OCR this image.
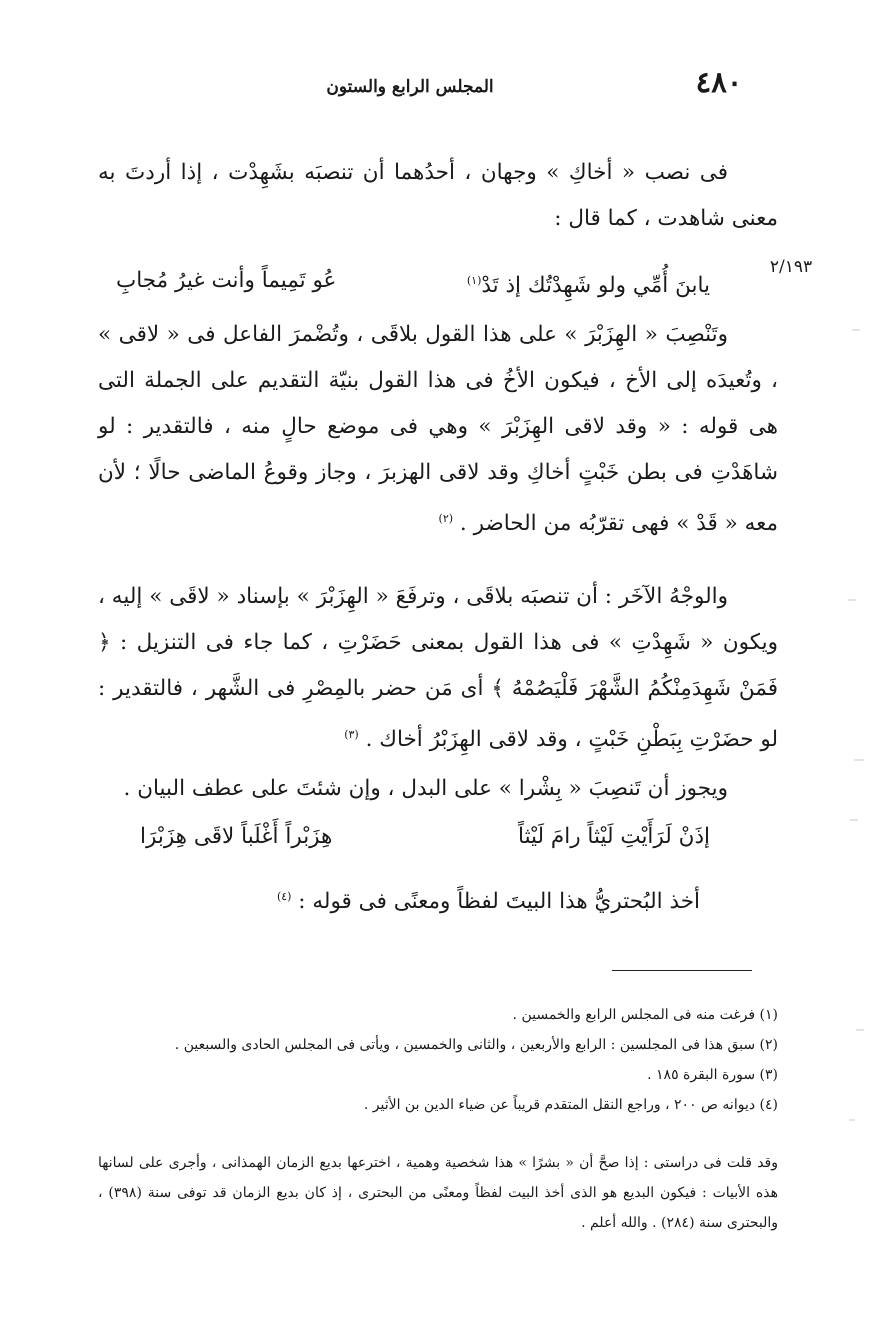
٤٨٠
المجلس الرابع والستون
٢/١٩٣
فى نصب « أخاكِ » وجهان ، أحدُهما أن تنصبَه بشَهِدْت ، إذا أردتَ به معنى شاهدت ، كما قال :
يابنَ أُمِّي ولو شَهِدْتُك إذ تَدْ$^{(١)}$
عُو تَمِيماً وأنت غيرُ مُجابِ
وتَنْصِبَ « الهِزَبْرَ » على هذا القول بلاقَى ، وتُضْمرَ الفاعل فى « لاقى » ، وتُعيدَه إلى الأخ ، فيكون الأخُ فى هذا القول بنيّة التقديم على الجملة التى هى قوله : « وقد لاقى الهِزَبْرَ » وهي فى موضع حالٍ منه ، فالتقدير : لو شاهَدْتِ فى بطن خَبْتٍ أخاكِ وقد لاقى الهزبرَ ، وجاز وقوعُ الماضى حالًا ؛ لأن معه « قَدْ » فهى تقرّبُه من الحاضر . $^{(٢)}$
والوجْهُ الآخَر : أن تنصبَه بلاقَى ، وترفَعَ « الهِزَبْرَ » بإسناد « لاقَى » إليه ، ويكون « شَهِدْتِ » فى هذا القول بمعنى حَضَرْتِ ، كما جاء فى التنزيل : ﴿ فَمَنْ شَهِدَمِنْكُمُ الشَّهْرَ فَلْيَصُمْهُ ﴾ أى مَن حضر بالمِصْرِ فى الشَّهر ، فالتقدير : لو حضَرْتِ بِبَطْنِ خَبْتٍ ، وقد لاقى الهِزَبْرُ أخاك . $^{(٣)}$
ويجوز أن تَنصِبَ « بِشْرا » على البدل ، وإن شئتَ على عطف البيان .
إذَنْ لَرَأَيْتِ لَيْثاً رامَ لَيْثاً
هِزَبْراً أَغْلَباً لاقَى هِزَبْرَا
أخذ البُحتريُّ هذا البيتَ لفظاً ومعنًى فى قوله : $^{(٤)}$
(١) فرغت منه فى المجلس الرابع والخمسين .
(٢) سبق هذا فى المجلسين : الرابع والأربعين ، والثانى والخمسين ، ويأتى فى المجلس الحادى والسبعين .
(٣) سورة البقرة ١٨٥ .
(٤) ديوانه ص ٢٠٠ ، وراجع النقل المتقدم قريباً عن ضياء الدين بن الأثير .
وقد قلت فى دراستى : إذا صحَّ أن « بشرًا » هذا شخصية وهمية ، اخترعها بديع الزمان الهمذانى ، وأجرى على لسانها هذه الأبيات : فيكون البديع هو الذى أخذ البيت لفظاً ومعنًى من البحترى ، إذ كان بديع الزمان قد توفى سنة (٣٩٨) ، والبحترى سنة (٢٨٤) . والله أعلم .
